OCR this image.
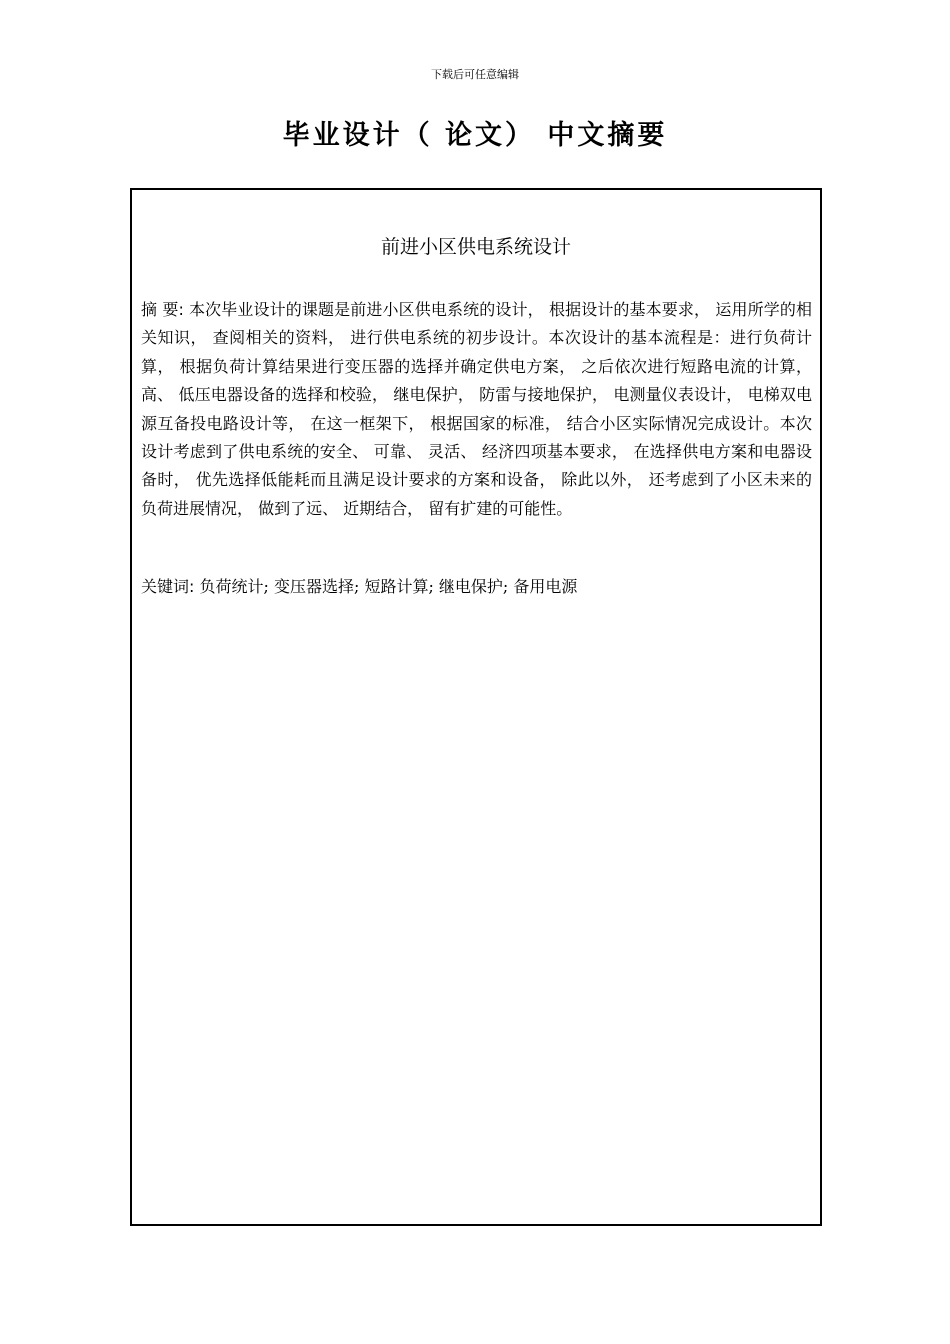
下载后可任意编辑
毕业设计（ 论文） 中文摘要
前进小区供电系统设计

摘 要: 本次毕业设计的课题是前进小区供电系统的设计， 根据设计的基本要求， 运用所学的相关知识， 查阅相关的资料， 进行供电系统的初步设计。本次设计的基本流程是：进行负荷计算， 根据负荷计算结果进行变压器的选择并确定供电方案， 之后依次进行短路电流的计算， 高、 低压电器设备的选择和校验， 继电保护， 防雷与接地保护， 电测量仪表设计， 电梯双电源互备投电路设计等， 在这一框架下， 根据国家的标准， 结合小区实际情况完成设计。本次设计考虑到了供电系统的安全、 可靠、 灵活、 经济四项基本要求， 在选择供电方案和电器设备时， 优先选择低能耗而且满足设计要求的方案和设备， 除此以外， 还考虑到了小区未来的负荷进展情况， 做到了远、 近期结合， 留有扩建的可能性。

关键词: 负荷统计; 变压器选择; 短路计算; 继电保护; 备用电源
